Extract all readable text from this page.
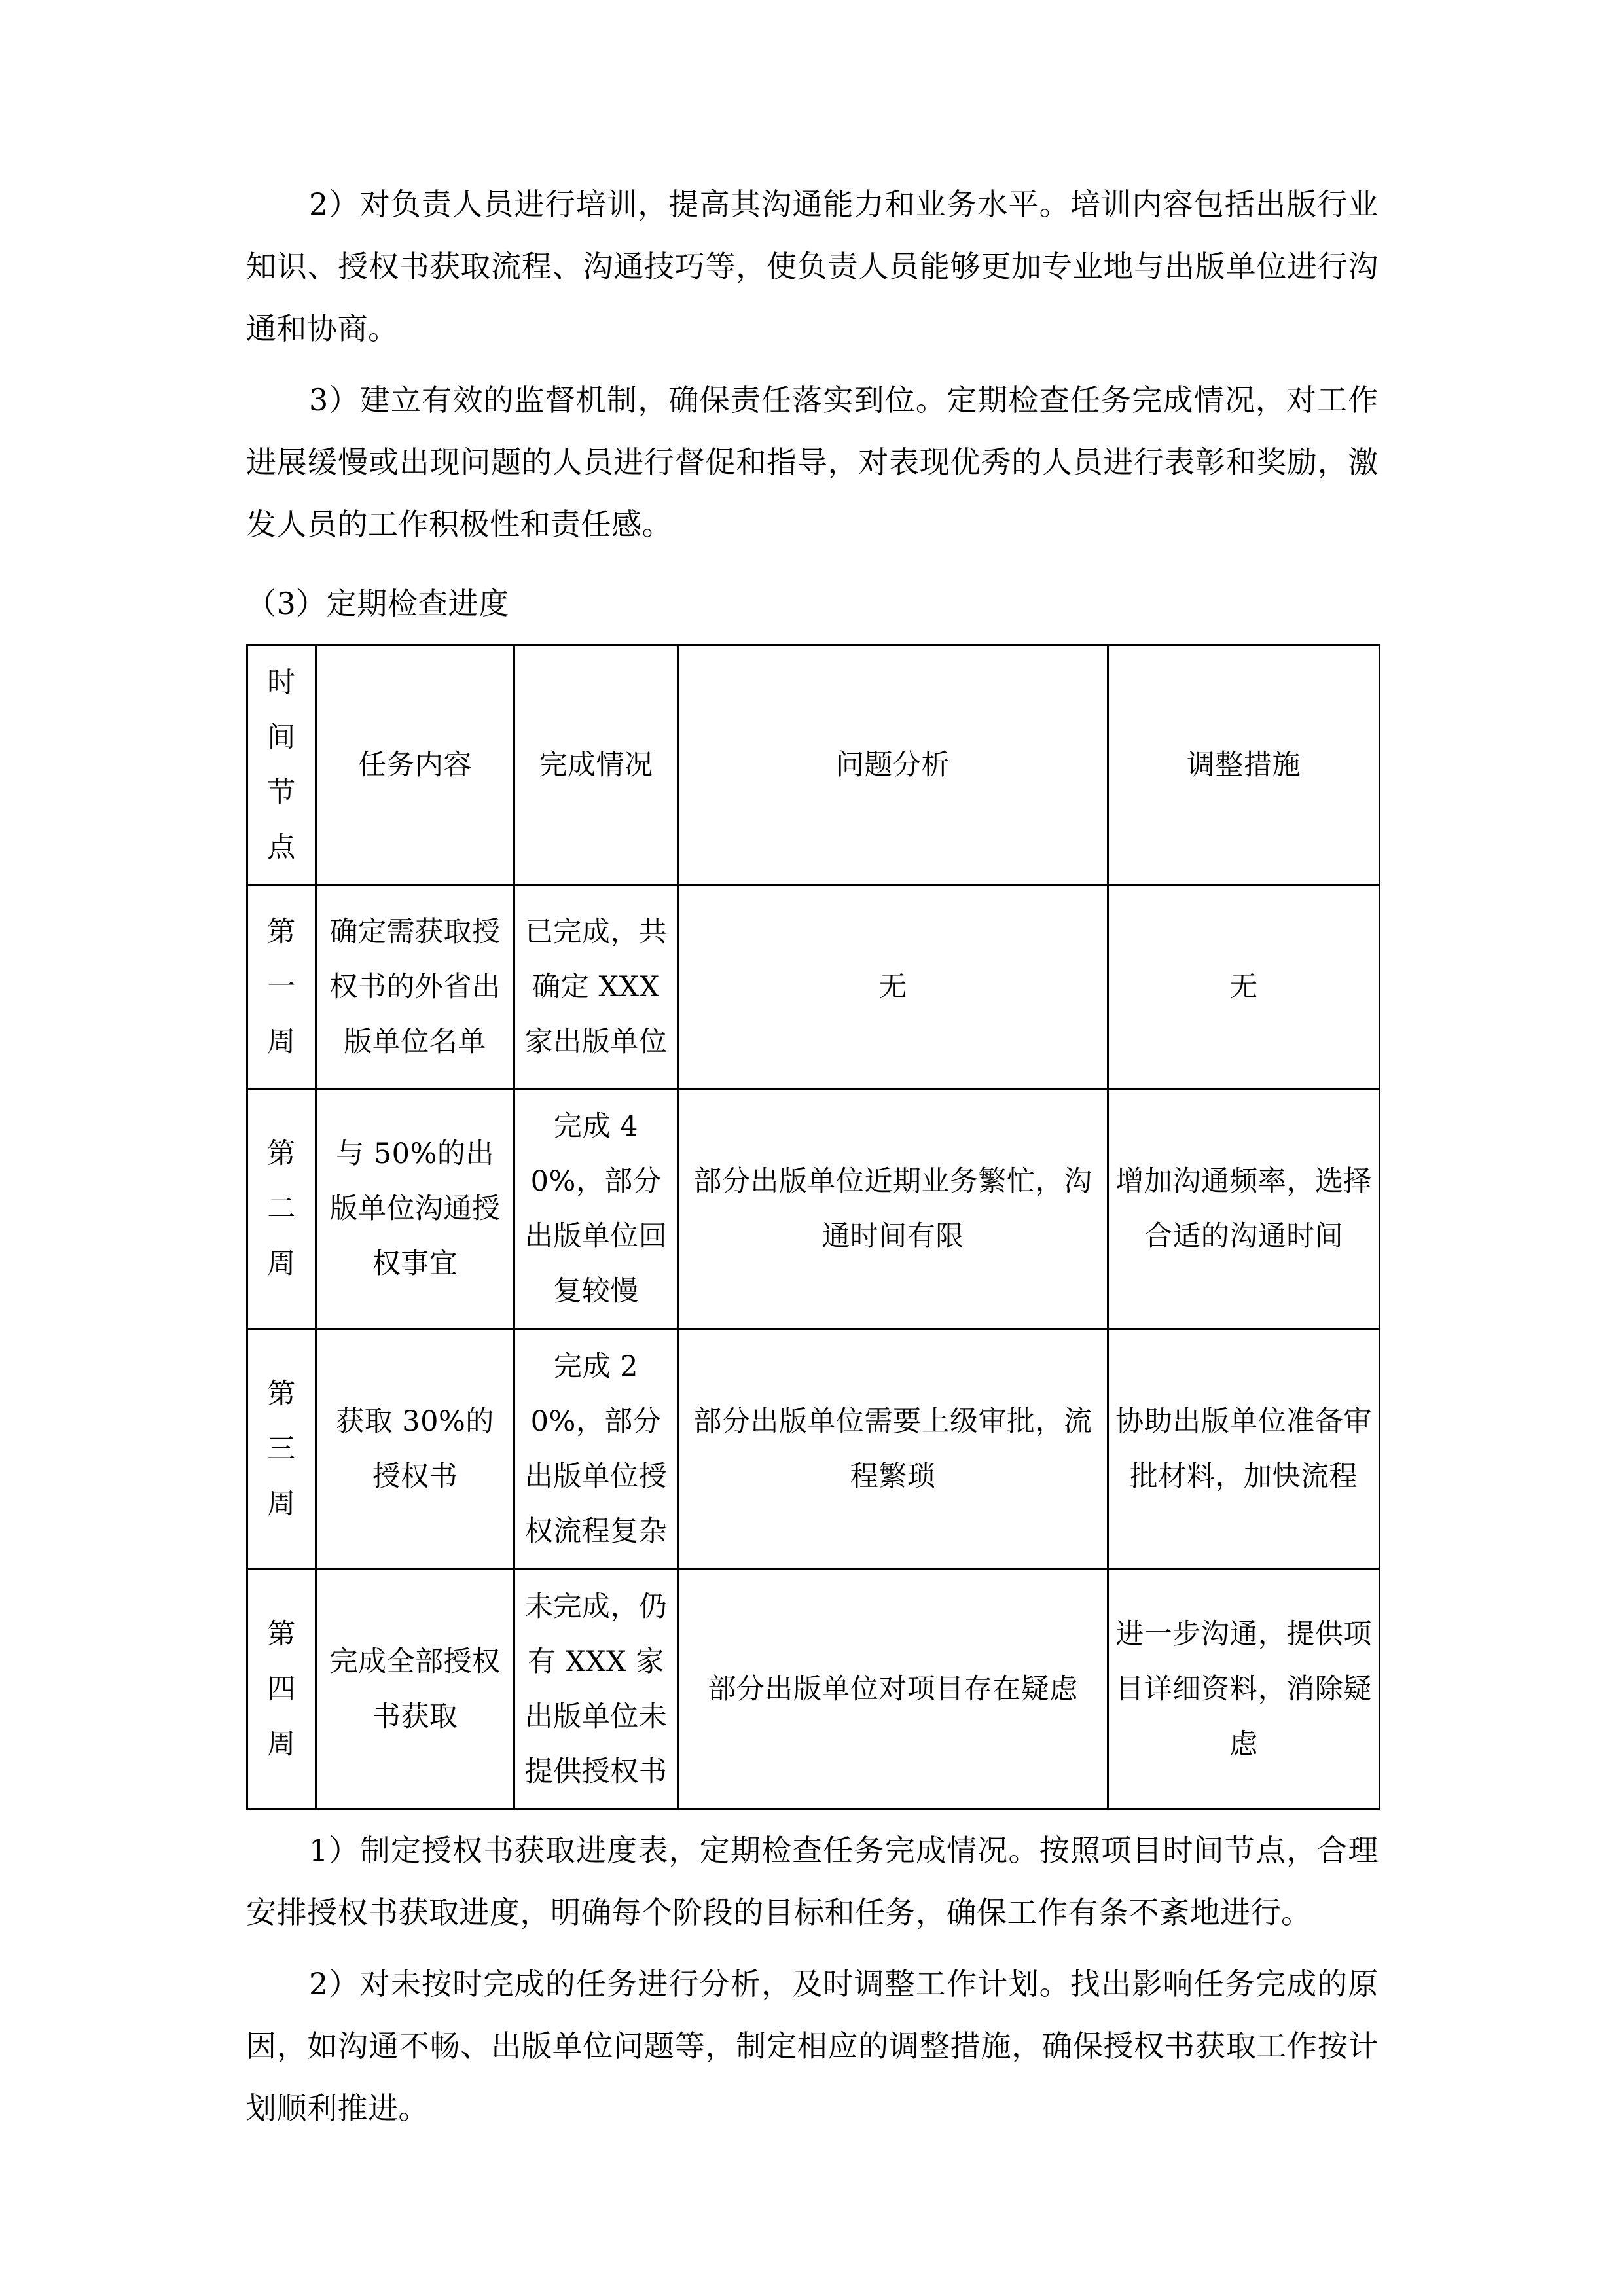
2）对负责人员进行培训，提高其沟通能力和业务水平。培训内容包括出版行业知识、授权书获取流程、沟通技巧等，使负责人员能够更加专业地与出版单位进行沟通和协商。

3）建立有效的监督机制，确保责任落实到位。定期检查任务完成情况，对工作进展缓慢或出现问题的人员进行督促和指导，对表现优秀的人员进行表彰和奖励，激发人员的工作积极性和责任感。

（3）定期检查进度

时间节点	任务内容	完成情况	问题分析	调整措施
第一周	确定需获取授权书的外省出版单位名单	已完成，共确定 XXX 家出版单位	无	无
第二周	与 50%的出版单位沟通授权事宜	完成 40%，部分出版单位回复较慢	部分出版单位近期业务繁忙，沟通时间有限	增加沟通频率，选择合适的沟通时间
第三周	获取 30%的授权书	完成 20%，部分出版单位授权流程复杂	部分出版单位需要上级审批，流程繁琐	协助出版单位准备审批材料，加快流程
第四周	完成全部授权书获取	未完成，仍有 XXX 家出版单位未提供授权书	部分出版单位对项目存在疑虑	进一步沟通，提供项目详细资料，消除疑虑

1）制定授权书获取进度表，定期检查任务完成情况。按照项目时间节点，合理安排授权书获取进度，明确每个阶段的目标和任务，确保工作有条不紊地进行。

2）对未按时完成的任务进行分析，及时调整工作计划。找出影响任务完成的原因，如沟通不畅、出版单位问题等，制定相应的调整措施，确保授权书获取工作按计划顺利推进。
